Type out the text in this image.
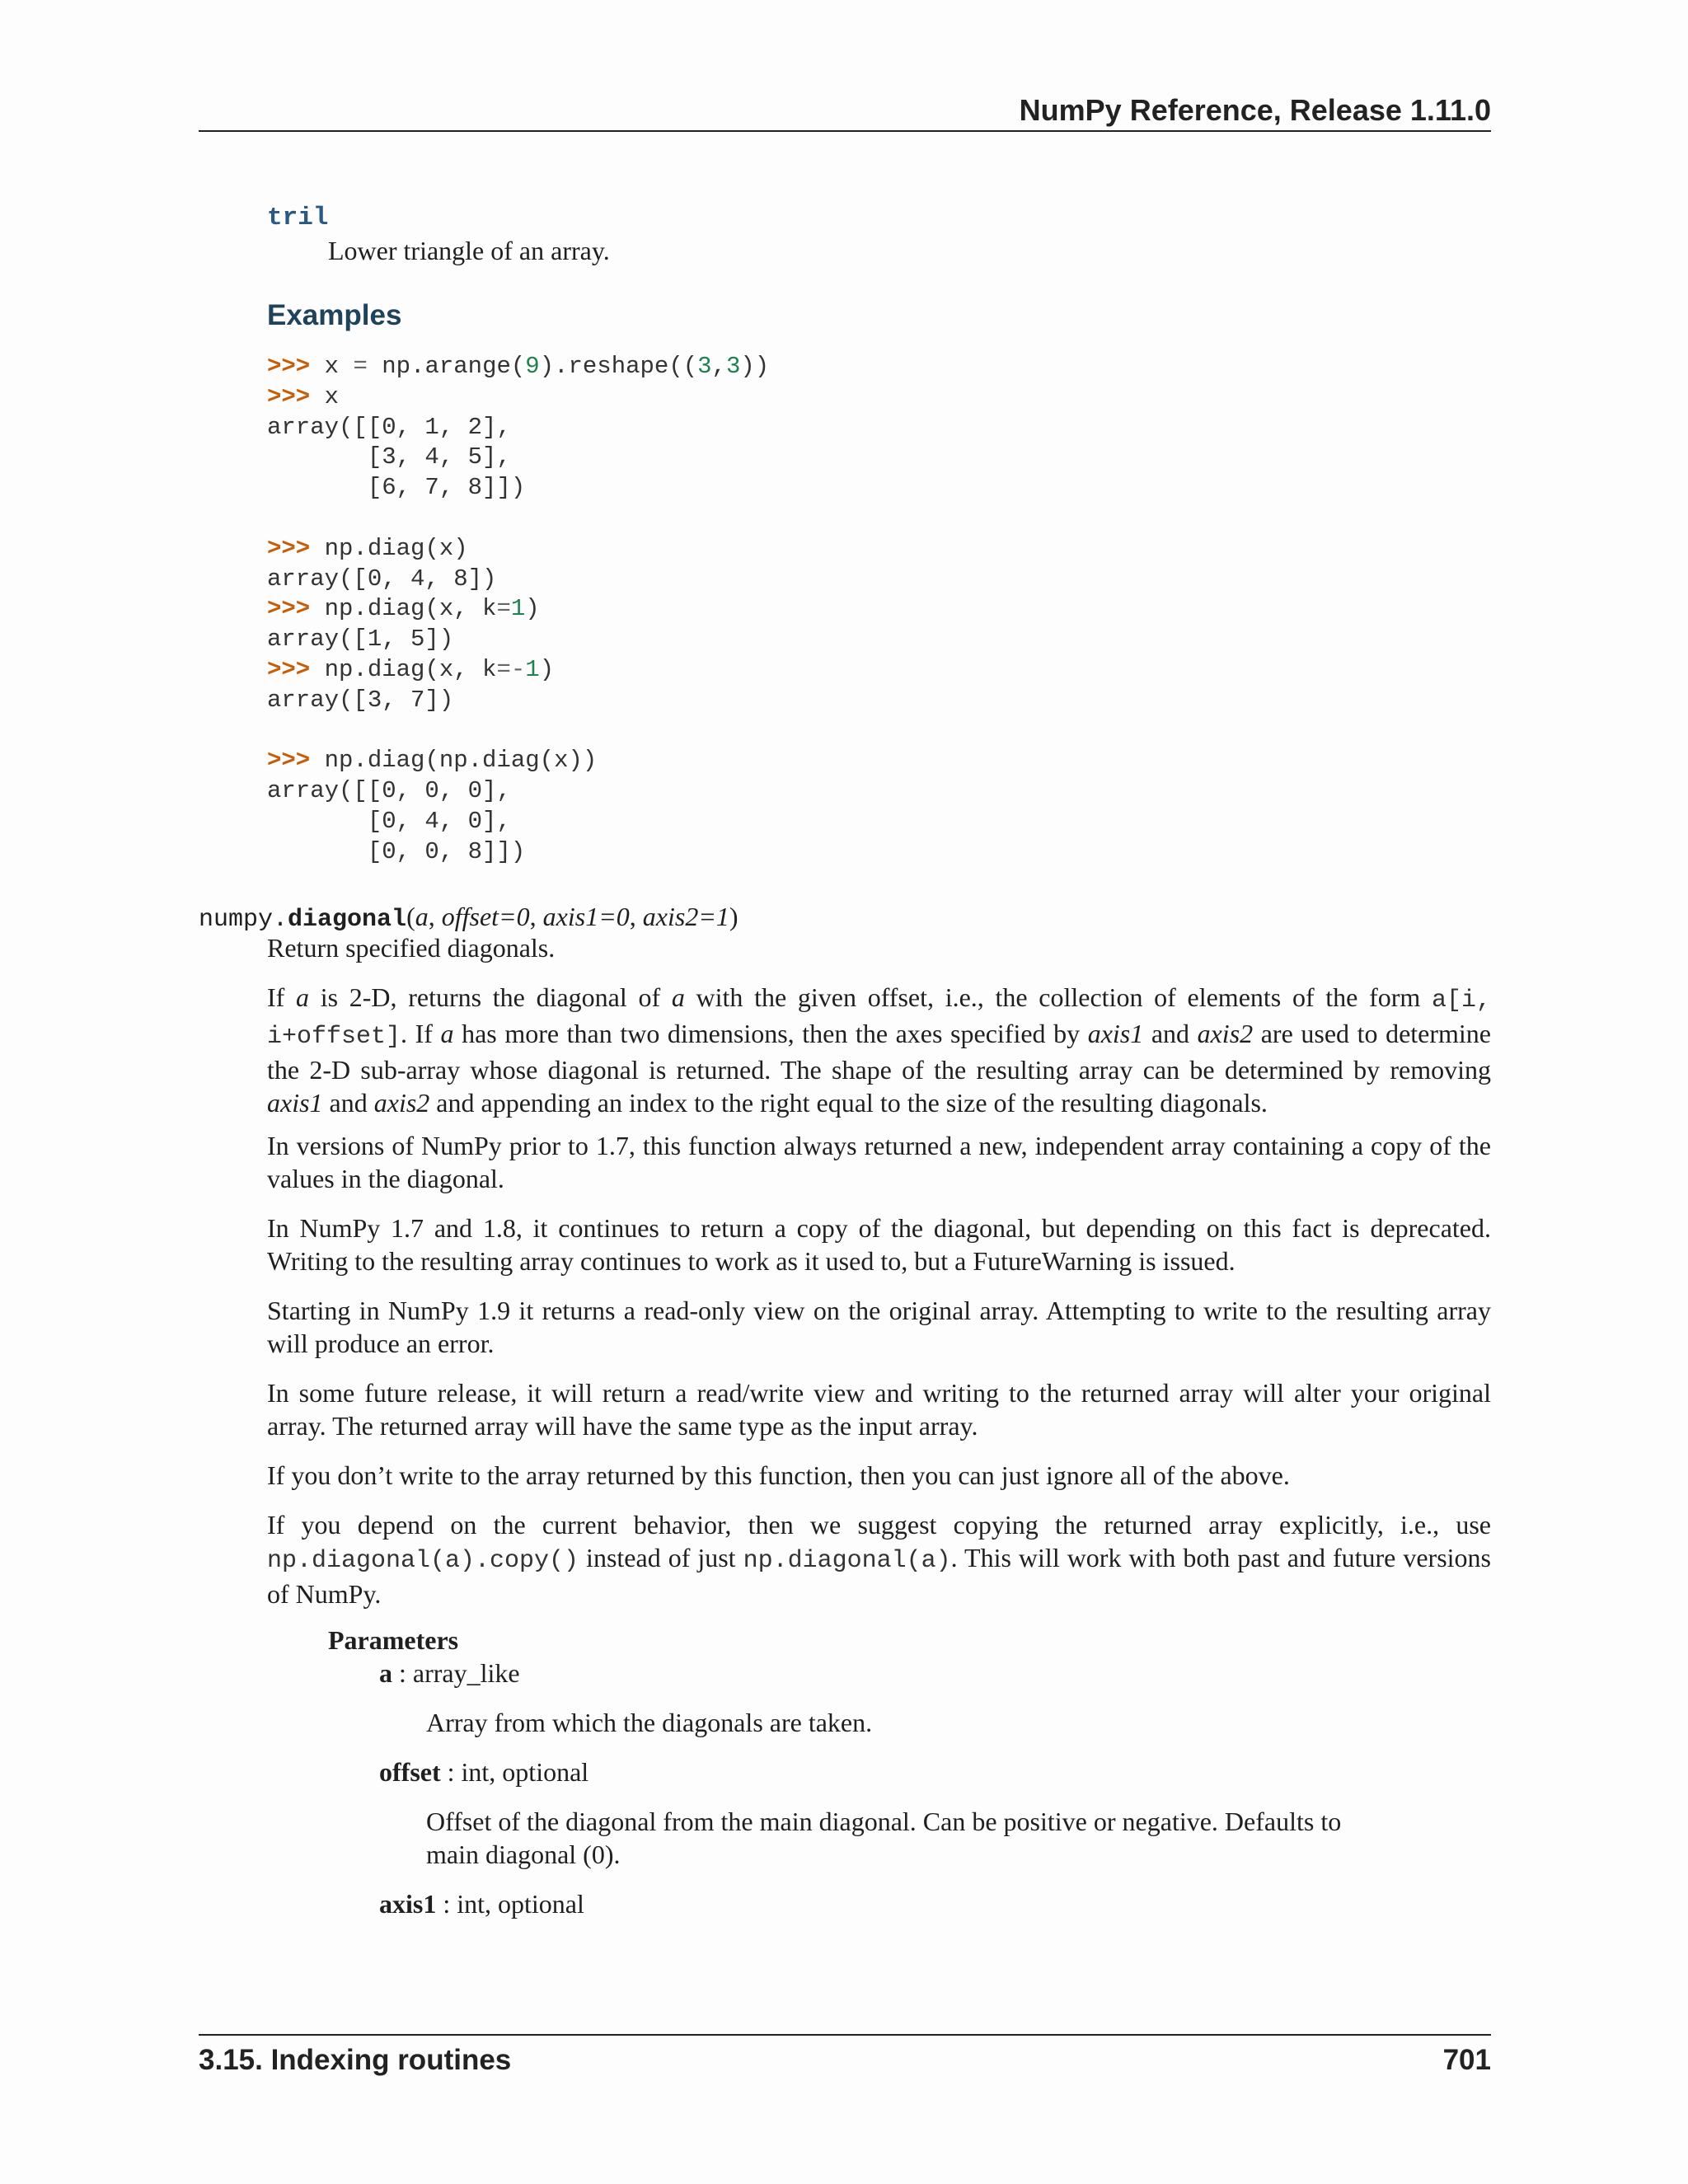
NumPy Reference, Release 1.11.0
tril
Lower triangle of an array.
Examples
>>> x = np.arange(9).reshape((3,3))
>>> x
array([[0, 1, 2],
[3, 4, 5],
[6, 7, 8]])
>>> np.diag(x)
array([0, 4, 8])
>>> np.diag(x, k=1)
array([1, 5])
>>> np.diag(x, k=-1)
array([3, 7])
>>> np.diag(np.diag(x))
array([[0, 0, 0],
[0, 4, 0],
[0, 0, 8]])
numpy.diagonal(a, offset=0, axis1=0, axis2=1)
Return specified diagonals.

If a is 2-D, returns the diagonal of a with the given offset, i.e., the collection of elements of the form a[i, i+offset]. If a has more than two dimensions, then the axes specified by axis1 and axis2 are used to determine the 2-D sub-array whose diagonal is returned. The shape of the resulting array can be determined by removing axis1 and axis2 and appending an index to the right equal to the size of the resulting diagonals.

In versions of NumPy prior to 1.7, this function always returned a new, independent array containing a copy of the values in the diagonal.

In NumPy 1.7 and 1.8, it continues to return a copy of the diagonal, but depending on this fact is deprecated. Writing to the resulting array continues to work as it used to, but a FutureWarning is issued.

Starting in NumPy 1.9 it returns a read-only view on the original array. Attempting to write to the resulting array will produce an error.

In some future release, it will return a read/write view and writing to the returned array will alter your original array. The returned array will have the same type as the input array.

If you don’t write to the array returned by this function, then you can just ignore all of the above.

If you depend on the current behavior, then we suggest copying the returned array explicitly, i.e., use np.diagonal(a).copy() instead of just np.diagonal(a). This will work with both past and future versions of NumPy.

Parameters
a : array_like

Array from which the diagonals are taken.

offset : int, optional

Offset of the diagonal from the main diagonal. Can be positive or negative. Defaults to main diagonal (0).

axis1 : int, optional
3.15. Indexing routines	701
